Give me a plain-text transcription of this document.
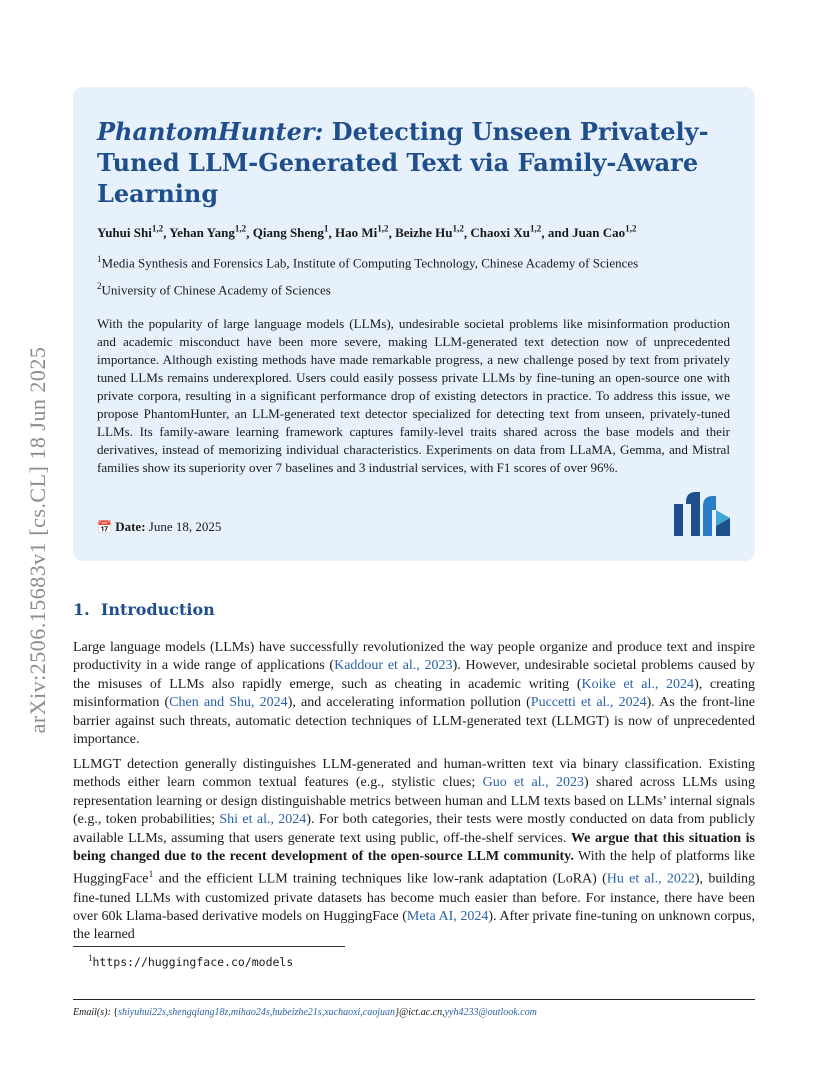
arXiv:2506.15683v1 [cs.CL] 18 Jun 2025
PhantomHunter: Detecting Unseen Privately-Tuned LLM-Generated Text via Family-Aware Learning
Yuhui Shi$^{1,2}$, Yehan Yang$^{1,2}$, Qiang Sheng$^1$, Hao Mi$^{1,2}$, Beizhe Hu$^{1,2}$, Chaoxi Xu$^{1,2}$, and Juan Cao$^{1,2}$
$^1$Media Synthesis and Forensics Lab, Institute of Computing Technology, Chinese Academy of Sciences
$^2$University of Chinese Academy of Sciences
With the popularity of large language models (LLMs), undesirable societal problems like misinformation production and academic misconduct have been more severe, making LLM-generated text detection now of unprecedented importance. Although existing methods have made remarkable progress, a new challenge posed by text from privately tuned LLMs remains underexplored. Users could easily possess private LLMs by fine-tuning an open-source one with private corpora, resulting in a significant performance drop of existing detectors in practice. To address this issue, we propose PhantomHunter, an LLM-generated text detector specialized for detecting text from unseen, privately-tuned LLMs. Its family-aware learning framework captures family-level traits shared across the base models and their derivatives, instead of memorizing individual characteristics. Experiments on data from LLaMA, Gemma, and Mistral families show its superiority over 7 baselines and 3 industrial services, with F1 scores of over 96%.
📅 Date: June 18, 2025
1. Introduction

Large language models (LLMs) have successfully revolutionized the way people organize and produce text and inspire productivity in a wide range of applications (Kaddour et al., 2023). However, undesirable societal problems caused by the misuses of LLMs also rapidly emerge, such as cheating in academic writing (Koike et al., 2024), creating misinformation (Chen and Shu, 2024), and accelerating information pollution (Puccetti et al., 2024). As the front-line barrier against such threats, automatic detection techniques of LLM-generated text (LLMGT) is now of unprecedented importance.

LLMGT detection generally distinguishes LLM-generated and human-written text via binary classification. Existing methods either learn common textual features (e.g., stylistic clues; Guo et al., 2023) shared across LLMs using representation learning or design distinguishable metrics between human and LLM texts based on LLMs’ internal signals (e.g., token probabilities; Shi et al., 2024). For both categories, their tests were mostly conducted on data from publicly available LLMs, assuming that users generate text using public, off-the-shelf services. We argue that this situation is being changed due to the recent development of the open-source LLM community. With the help of platforms like HuggingFace$^1$ and the efficient LLM training techniques like low-rank adaptation (LoRA) (Hu et al., 2022), building fine-tuned LLMs with customized private datasets has become much easier than before. For instance, there have been over 60k Llama-based derivative models on HuggingFace (Meta AI, 2024). After private fine-tuning on unknown corpus, the learned

$^1$https://huggingface.co/models
Email(s): {shiyuhui22s,shengqiang18z,mihao24s,hubeizhe21s,xuchaoxi,caojuan}@ict.ac.cn,yyh4233@outlook.com
